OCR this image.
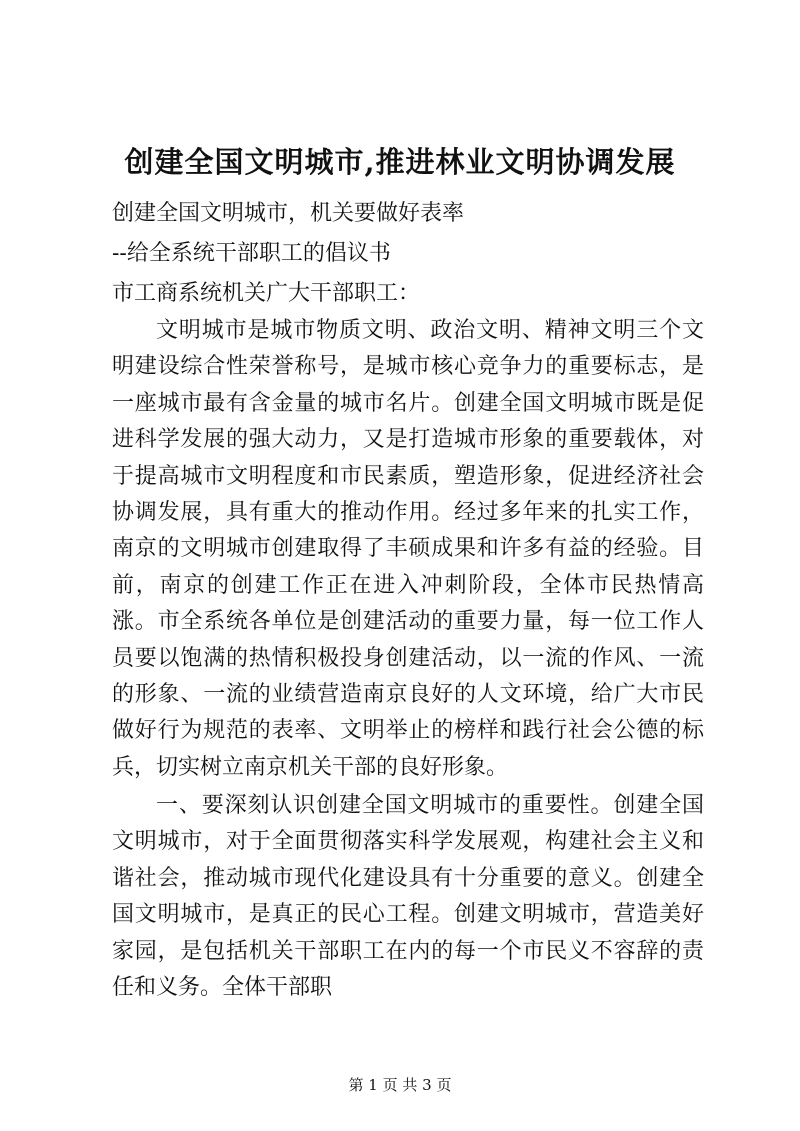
创建全国文明城市,推进林业文明协调发展

创建全国文明城市，机关要做好表率

--给全系统干部职工的倡议书

市工商系统机关广大干部职工：

文明城市是城市物质文明、政治文明、精神文明三个文明建设综合性荣誉称号，是城市核心竞争力的重要标志，是一座城市最有含金量的城市名片。创建全国文明城市既是促进科学发展的强大动力，又是打造城市形象的重要载体，对于提高城市文明程度和市民素质，塑造形象，促进经济社会协调发展，具有重大的推动作用。经过多年来的扎实工作，南京的文明城市创建取得了丰硕成果和许多有益的经验。目前，南京的创建工作正在进入冲刺阶段，全体市民热情高涨。市全系统各单位是创建活动的重要力量，每一位工作人员要以饱满的热情积极投身创建活动，以一流的作风、一流的形象、一流的业绩营造南京良好的人文环境，给广大市民做好行为规范的表率、文明举止的榜样和践行社会公德的标兵，切实树立南京机关干部的良好形象。

一、要深刻认识创建全国文明城市的重要性。创建全国文明城市，对于全面贯彻落实科学发展观，构建社会主义和谐社会，推动城市现代化建设具有十分重要的意义。创建全国文明城市，是真正的民心工程。创建文明城市，营造美好家园，是包括机关干部职工在内的每一个市民义不容辞的责任和义务。全体干部职

第 1 页 共 3 页
